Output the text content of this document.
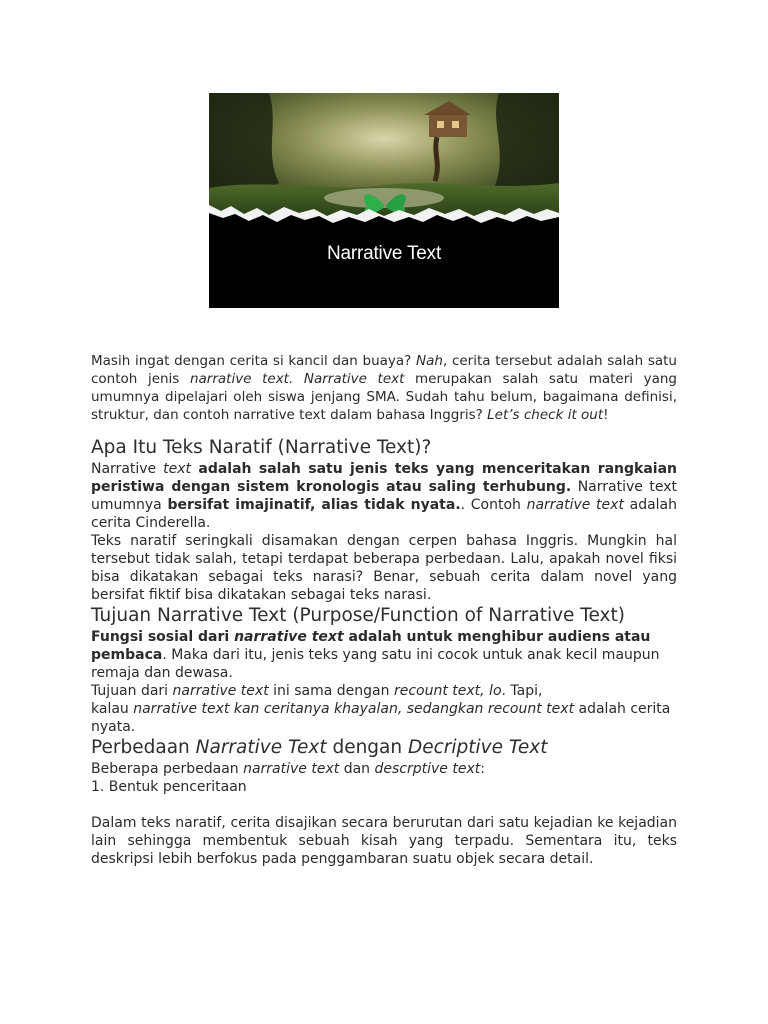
Narrative Text

Masih ingat dengan cerita si kancil dan buaya? Nah, cerita tersebut adalah salah satu contoh jenis narrative text. Narrative text merupakan salah satu materi yang umumnya dipelajari oleh siswa jenjang SMA. Sudah tahu belum, bagaimana definisi, struktur, dan contoh narrative text dalam bahasa Inggris? Let’s check it out!

Apa Itu Teks Naratif (Narrative Text)?

Narrative text adalah salah satu jenis teks yang menceritakan rangkaian peristiwa dengan sistem kronologis atau saling terhubung. Narrative text umumnya bersifat imajinatif, alias tidak nyata.. Contoh narrative text adalah cerita Cinderella.

Teks naratif seringkali disamakan dengan cerpen bahasa Inggris. Mungkin hal tersebut tidak salah, tetapi terdapat beberapa perbedaan. Lalu, apakah novel fiksi bisa dikatakan sebagai teks narasi? Benar, sebuah cerita dalam novel yang bersifat fiktif bisa dikatakan sebagai teks narasi.

Tujuan Narrative Text (Purpose/Function of Narrative Text)

Fungsi sosial dari narrative text adalah untuk menghibur audiens atau pembaca. Maka dari itu, jenis teks yang satu ini cocok untuk anak kecil maupun remaja dan dewasa.

Tujuan dari narrative text ini sama dengan recount text, lo. Tapi,
kalau narrative text kan ceritanya khayalan, sedangkan recount text adalah cerita nyata.

Perbedaan Narrative Text dengan Decriptive Text

Beberapa perbedaan narrative text dan descrptive text:

1. Bentuk penceritaan

Dalam teks naratif, cerita disajikan secara berurutan dari satu kejadian ke kejadian lain sehingga membentuk sebuah kisah yang terpadu. Sementara itu, teks deskripsi lebih berfokus pada penggambaran suatu objek secara detail.
